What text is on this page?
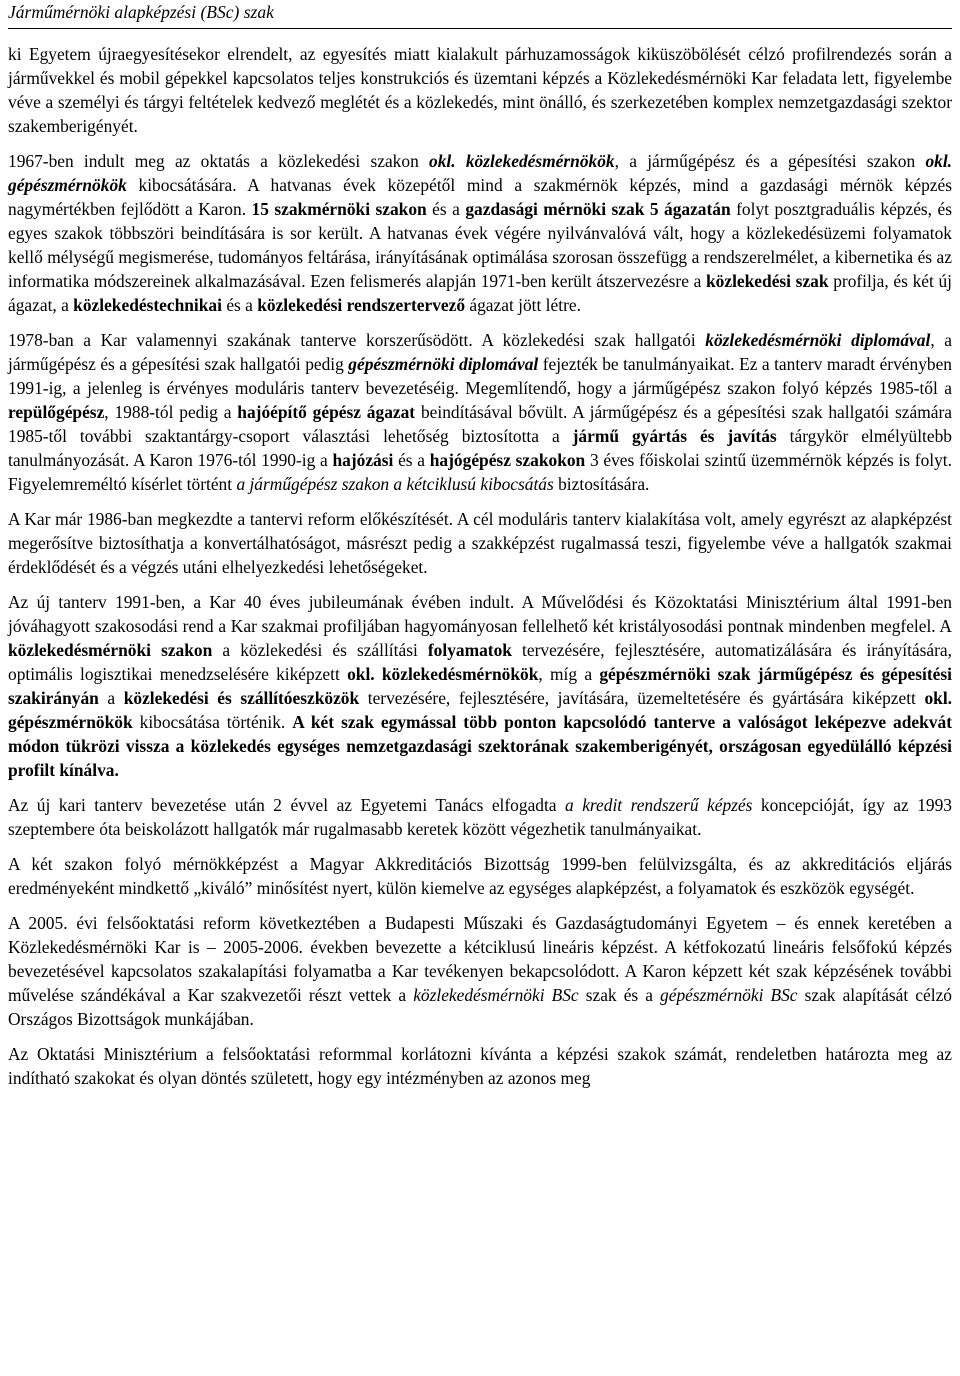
Járműmérnöki alapképzési (BSc) szak

ki Egyetem újraegyesítésekor elrendelt, az egyesítés miatt kialakult párhuzamosságok kiküszöbölését célzó profilrendezés során a járművekkel és mobil gépekkel kapcsolatos teljes konstrukciós és üzemtani képzés a Közlekedésmérnöki Kar feladata lett, figyelembe véve a személyi és tárgyi feltételek kedvező meglétét és a közlekedés, mint önálló, és szerkezetében komplex nemzetgazdasági szektor szakemberigényét.

1967-ben indult meg az oktatás a közlekedési szakon okl. közlekedésmérnökök, a járműgépész és a gépesítési szakon okl. gépészmérnökök kibocsátására. A hatvanas évek közepétől mind a szakmérnök képzés, mind a gazdasági mérnök képzés nagymértékben fejlődött a Karon. 15 szakmérnöki szakon és a gazdasági mérnöki szak 5 ágazatán folyt posztgraduális képzés, és egyes szakok többszöri beindítására is sor került. A hatvanas évek végére nyilvánvalóvá vált, hogy a közlekedésüzemi folyamatok kellő mélységű megismerése, tudományos feltárása, irányításának optimálása szorosan összefügg a rendszerelmélet, a kibernetika és az informatika módszereinek alkalmazásával. Ezen felismerés alapján 1971-ben került átszervezésre a közlekedési szak profilja, és két új ágazat, a közlekedéstechnikai és a közlekedési rendszertervező ágazat jött létre.

1978-ban a Kar valamennyi szakának tanterve korszerűsödött. A közlekedési szak hallgatói közlekedésmérnöki diplomával, a járműgépész és a gépesítési szak hallgatói pedig gépészmérnöki diplomával fejezték be tanulmányaikat. Ez a tanterv maradt érvényben 1991-ig, a jelenleg is érvényes moduláris tanterv bevezetéséig. Megemlítendő, hogy a járműgépész szakon folyó képzés 1985-től a repülőgépész, 1988-tól pedig a hajóépítő gépész ágazat beindításával bővült. A járműgépész és a gépesítési szak hallgatói számára 1985-től további szaktantárgy-csoport választási lehetőség biztosította a jármű gyártás és javítás tárgykör elmélyültebb tanulmányozását. A Karon 1976-tól 1990-ig a hajózási és a hajógépész szakokon 3 éves főiskolai szintű üzemmérnök képzés is folyt. Figyelemreméltó kísérlet történt a járműgépész szakon a kétciklusú kibocsátás biztosítására.

A Kar már 1986-ban megkezdte a tantervi reform előkészítését. A cél moduláris tanterv kialakítása volt, amely egyrészt az alapképzést megerősítve biztosíthatja a konvertálhatóságot, másrészt pedig a szakképzést rugalmassá teszi, figyelembe véve a hallgatók szakmai érdeklődését és a végzés utáni elhelyezkedési lehetőségeket.

Az új tanterv 1991-ben, a Kar 40 éves jubileumának évében indult. A Művelődési és Közoktatási Minisztérium által 1991-ben jóváhagyott szakosodási rend a Kar szakmai profiljában hagyományosan fellelhető két kristályosodási pontnak mindenben megfelel. A közlekedésmérnöki szakon a közlekedési és szállítási folyamatok tervezésére, fejlesztésére, automatizálására és irányítására, optimális logisztikai menedzselésére kiképzett okl. közlekedésmérnökök, míg a gépészmérnöki szak járműgépész és gépesítési szakirányán a közlekedési és szállítóeszközök tervezésére, fejlesztésére, javítására, üzemeltetésére és gyártására kiképzett okl. gépészmérnökök kibocsátása történik. A két szak egymással több ponton kapcsolódó tanterve a valóságot leképezve adekvát módon tükrözi vissza a közlekedés egységes nemzetgazdasági szektorának szakemberigényét, országosan egyedülálló képzési profilt kínálva.

Az új kari tanterv bevezetése után 2 évvel az Egyetemi Tanács elfogadta a kredit rendszerű képzés koncepcióját, így az 1993 szeptembere óta beiskolázott hallgatók már rugalmasabb keretek között végezhetik tanulmányaikat.

A két szakon folyó mérnökképzést a Magyar Akkreditációs Bizottság 1999-ben felülvizsgálta, és az akkreditációs eljárás eredményeként mindkettő „kiváló” minősítést nyert, külön kiemelve az egységes alapképzést, a folyamatok és eszközök egységét.

A 2005. évi felsőoktatási reform következtében a Budapesti Műszaki és Gazdaságtudományi Egyetem – és ennek keretében a Közlekedésmérnöki Kar is – 2005-2006. években bevezette a kétciklusú lineáris képzést. A kétfokozatú lineáris felsőfokú képzés bevezetésével kapcsolatos szakalapítási folyamatba a Kar tevékenyen bekapcsolódott. A Karon képzett két szak képzésének további művelése szándékával a Kar szakvezetői részt vettek a közlekedésmérnöki BSc szak és a gépészmérnöki BSc szak alapítását célzó Országos Bizottságok munkájában.

Az Oktatási Minisztérium a felsőoktatási reformmal korlátozni kívánta a képzési szakok számát, rendeletben határozta meg az indítható szakokat és olyan döntés született, hogy egy intézményben az azonos meg
